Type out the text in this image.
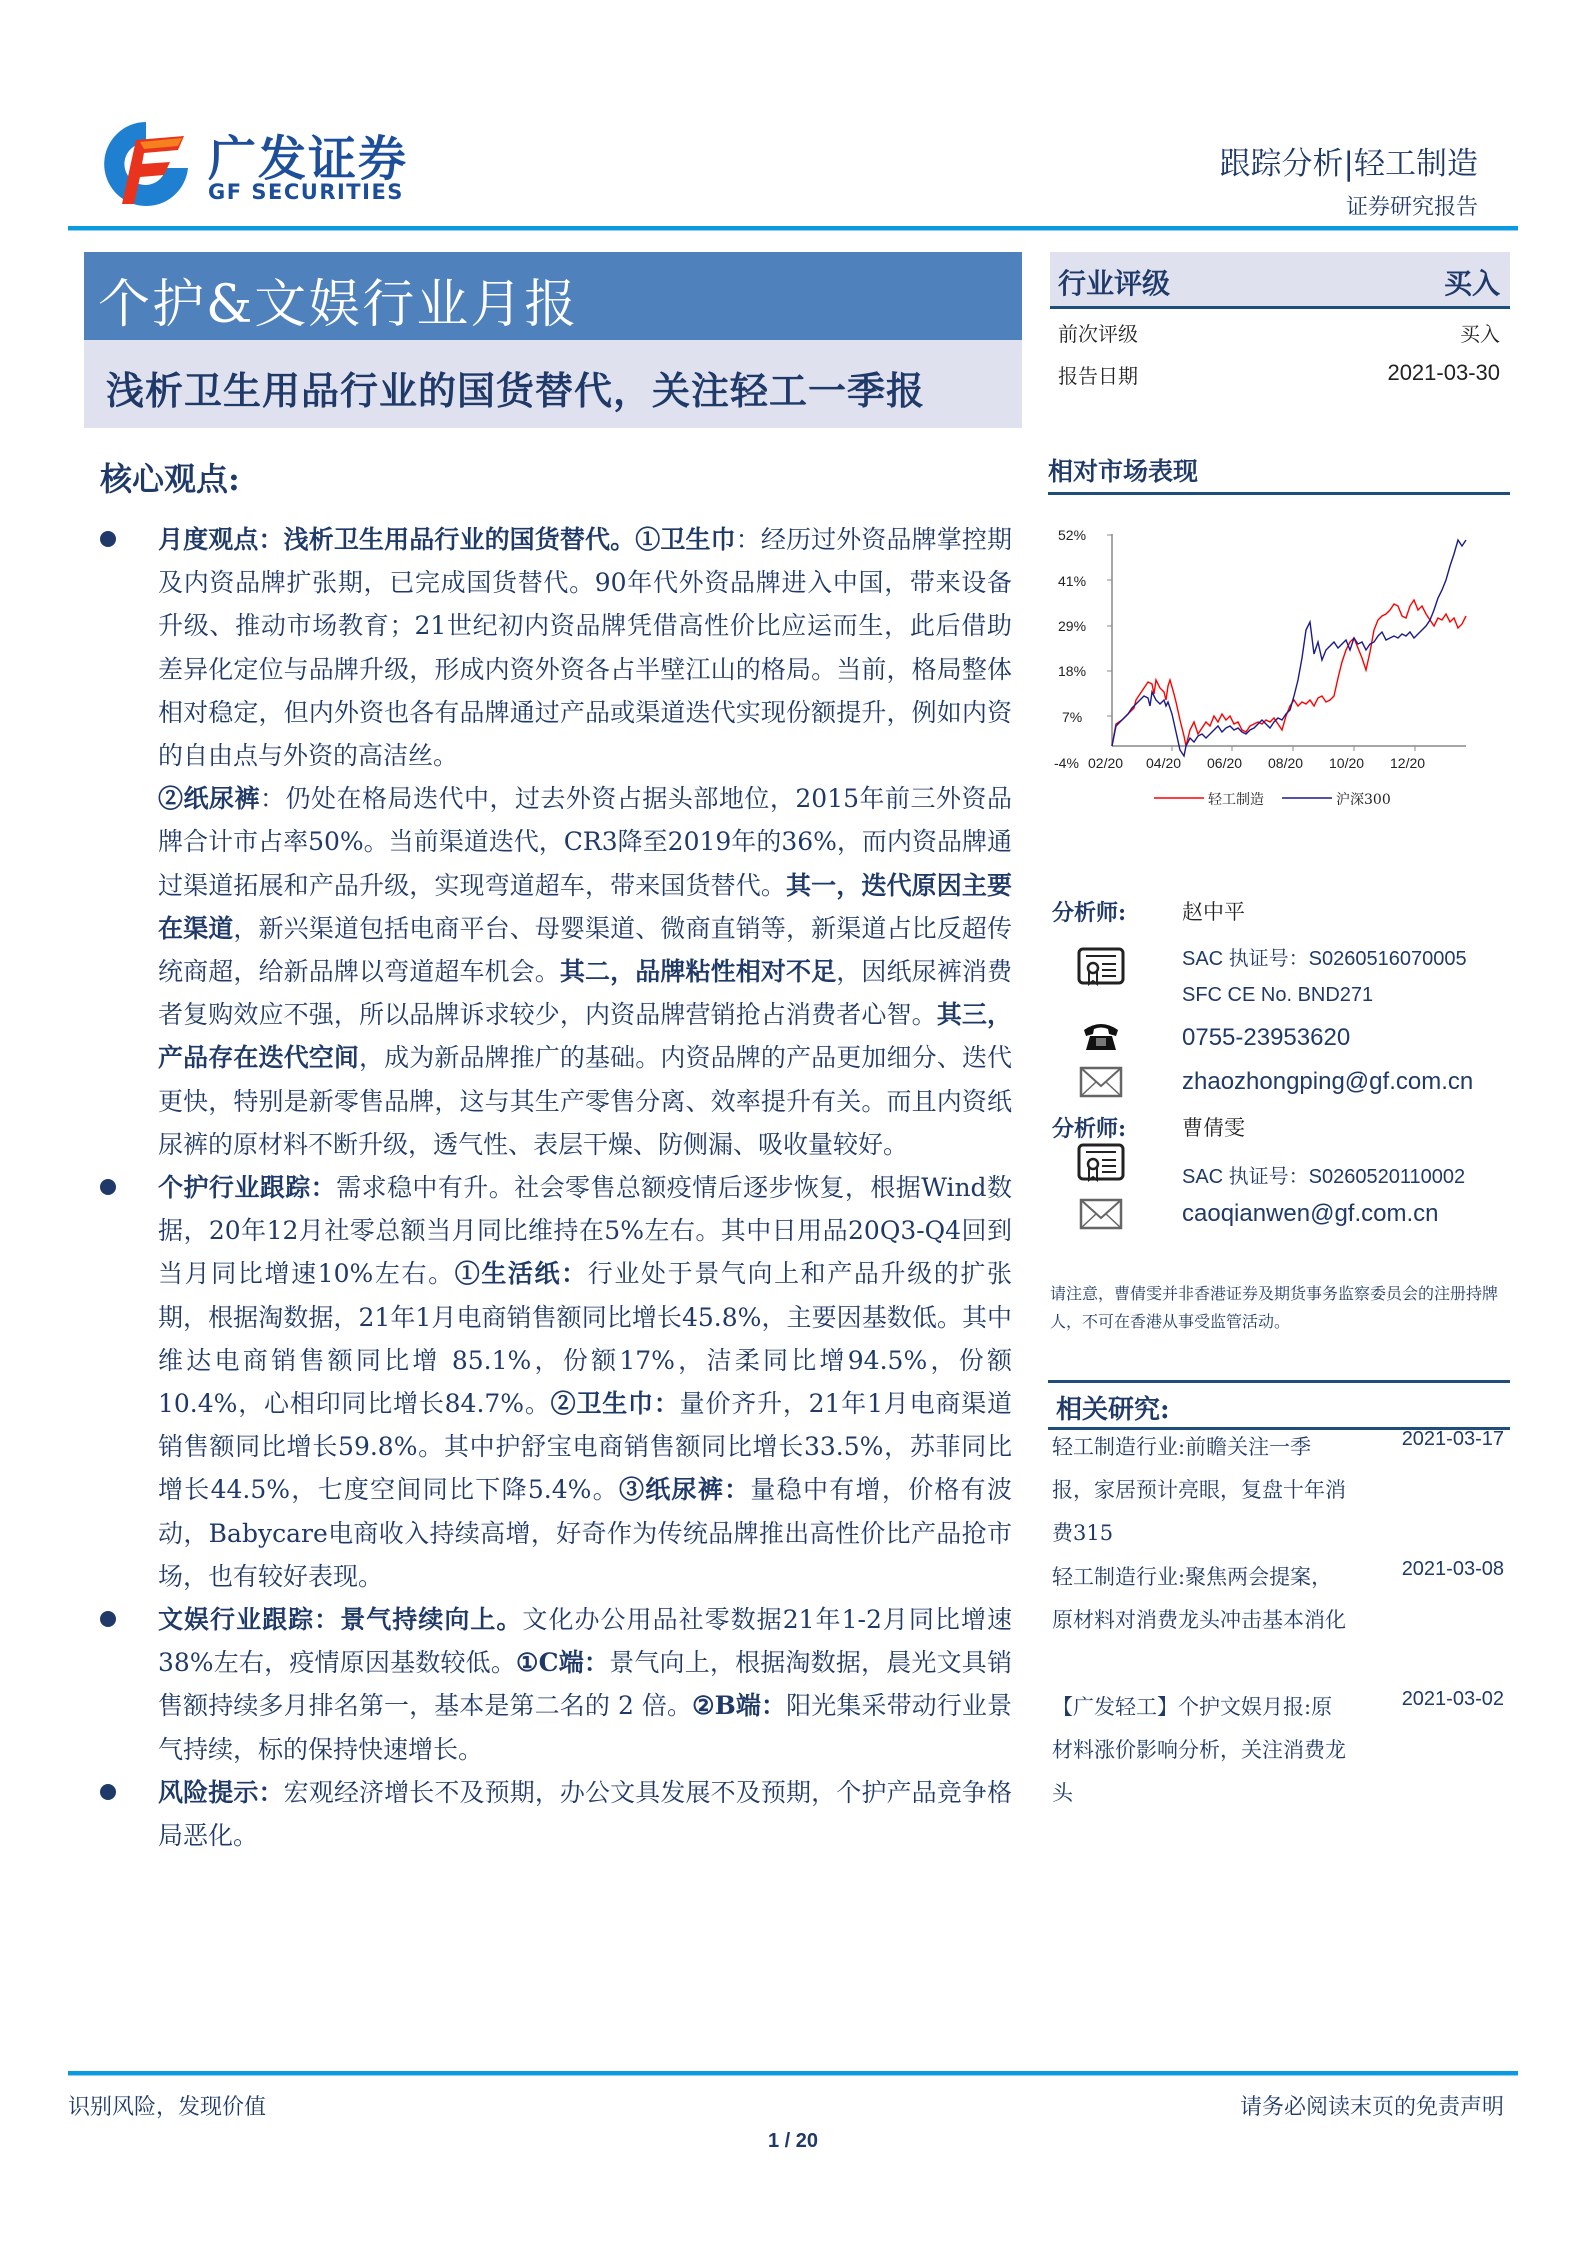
广发证券
GF SECURITIES
跟踪分析|轻工制造
证券研究报告
个护&文娱行业月报
浅析卫生用品行业的国货替代，关注轻工一季报
行业评级	买入
前次评级	买入
报告日期	2021-03-30
相对市场表现
52%
41%
29%
18%
7%
-4% 02/20 04/20 06/20 08/20 10/20 12/20
轻工制造	沪深300
分析师:	赵中平
SAC 执证号：S0260516070005
SFC CE No. BND271
0755-23953620
zhaozhongping@gf.com.cn
分析师:	曹倩雯
SAC 执证号：S0260520110002
caoqianwen@gf.com.cn
请注意，曹倩雯并非香港证券及期货事务监察委员会的注册持牌人，不可在香港从事受监管活动。
相关研究:
轻工制造行业:前瞻关注一季报，家居预计亮眼，复盘十年消费315
2021-03-17
轻工制造行业:聚焦两会提案，原材料对消费龙头冲击基本消化
2021-03-08
【广发轻工】个护文娱月报:原材料涨价影响分析，关注消费龙头
2021-03-02
核心观点:
月度观点：浅析卫生用品行业的国货替代。①卫生巾：经历过外资品牌掌控期及内资品牌扩张期，已完成国货替代。90年代外资品牌进入中国，带来设备升级、推动市场教育；21世纪初内资品牌凭借高性价比应运而生，此后借助差异化定位与品牌升级，形成内资外资各占半壁江山的格局。当前，格局整体相对稳定，但内外资也各有品牌通过产品或渠道迭代实现份额提升，例如内资的自由点与外资的高洁丝。
②纸尿裤：仍处在格局迭代中，过去外资占据头部地位，2015年前三外资品牌合计市占率50%。当前渠道迭代，CR3降至2019年的36%，而内资品牌通过渠道拓展和产品升级，实现弯道超车，带来国货替代。其一，迭代原因主要在渠道，新兴渠道包括电商平台、母婴渠道、微商直销等，新渠道占比反超传统商超，给新品牌以弯道超车机会。其二，品牌粘性相对不足，因纸尿裤消费者复购效应不强，所以品牌诉求较少，内资品牌营销抢占消费者心智。其三，产品存在迭代空间，成为新品牌推广的基础。内资品牌的产品更加细分、迭代更快，特别是新零售品牌，这与其生产零售分离、效率提升有关。而且内资纸尿裤的原材料不断升级，透气性、表层干燥、防侧漏、吸收量较好。
个护行业跟踪：需求稳中有升。社会零售总额疫情后逐步恢复，根据Wind数据，20年12月社零总额当月同比维持在5%左右。其中日用品20Q3-Q4回到当月同比增速10%左右。①生活纸：行业处于景气向上和产品升级的扩张期，根据淘数据，21年1月电商销售额同比增长45.8%，主要因基数低。其中维达电商销售额同比增 85.1%，份额17%，洁柔同比增94.5%，份额10.4%，心相印同比增长84.7%。②卫生巾：量价齐升，21年1月电商渠道销售额同比增长59.8%。其中护舒宝电商销售额同比增长33.5%，苏菲同比增长44.5%，七度空间同比下降5.4%。③纸尿裤：量稳中有增，价格有波动，Babycare电商收入持续高增，好奇作为传统品牌推出高性价比产品抢市场，也有较好表现。
文娱行业跟踪：景气持续向上。文化办公用品社零数据21年1-2月同比增速38%左右，疫情原因基数较低。①C端：景气向上，根据淘数据，晨光文具销售额持续多月排名第一，基本是第二名的 2 倍。②B端：阳光集采带动行业景气持续，标的保持快速增长。
风险提示：宏观经济增长不及预期，办公文具发展不及预期，个护产品竞争格局恶化。
识别风险，发现价值	请务必阅读末页的免责声明
1 / 20
